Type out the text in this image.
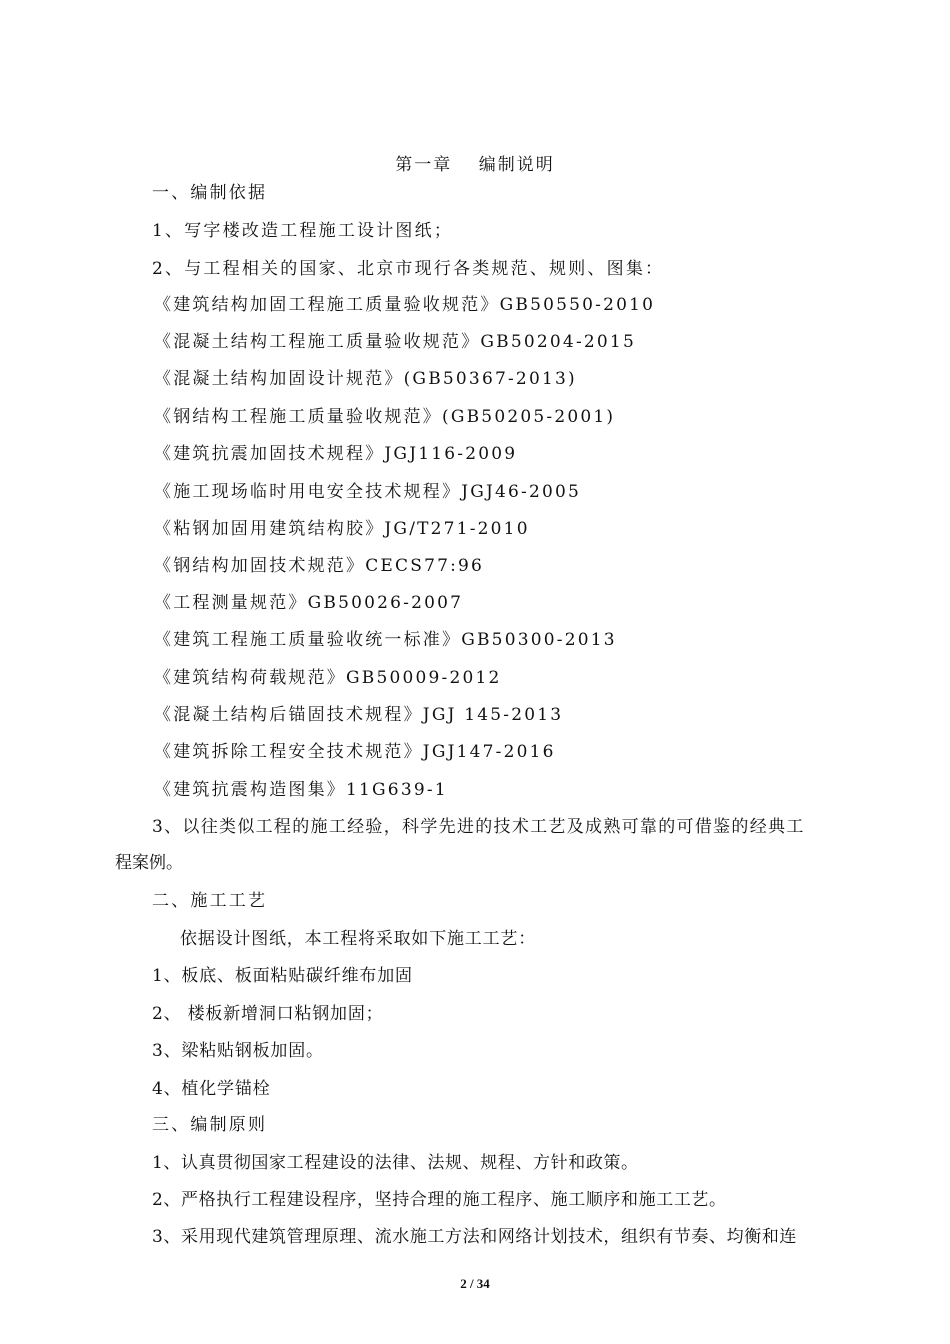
第一章　 编制说明
一、编制依据
1、写字楼改造工程施工设计图纸；
2、与工程相关的国家、北京市现行各类规范、规则、图集：
《建筑结构加固工程施工质量验收规范》GB50550-2010
《混凝土结构工程施工质量验收规范》GB50204-2015
《混凝土结构加固设计规范》(GB50367-2013)
《钢结构工程施工质量验收规范》(GB50205-2001)
《建筑抗震加固技术规程》JGJ116-2009
《施工现场临时用电安全技术规程》JGJ46-2005
《粘钢加固用建筑结构胶》JG/T271-2010
《钢结构加固技术规范》CECS77:96
《工程测量规范》GB50026-2007
《建筑工程施工质量验收统一标准》GB50300-2013
《建筑结构荷载规范》GB50009-2012
《混凝土结构后锚固技术规程》JGJ 145-2013
《建筑拆除工程安全技术规范》JGJ147-2016
《建筑抗震构造图集》11G639-1
3、以往类似工程的施工经验，科学先进的技术工艺及成熟可靠的可借鉴的经典工
程案例。
二、施工工艺
依据设计图纸，本工程将采取如下施工工艺：
1、板底、板面粘贴碳纤维布加固
2、 楼板新增洞口粘钢加固；
3、梁粘贴钢板加固。
4、植化学锚栓
三、编制原则
1、认真贯彻国家工程建设的法律、法规、规程、方针和政策。
2、严格执行工程建设程序，坚持合理的施工程序、施工顺序和施工工艺。
3、采用现代建筑管理原理、流水施工方法和网络计划技术，组织有节奏、均衡和连
2 / 34
